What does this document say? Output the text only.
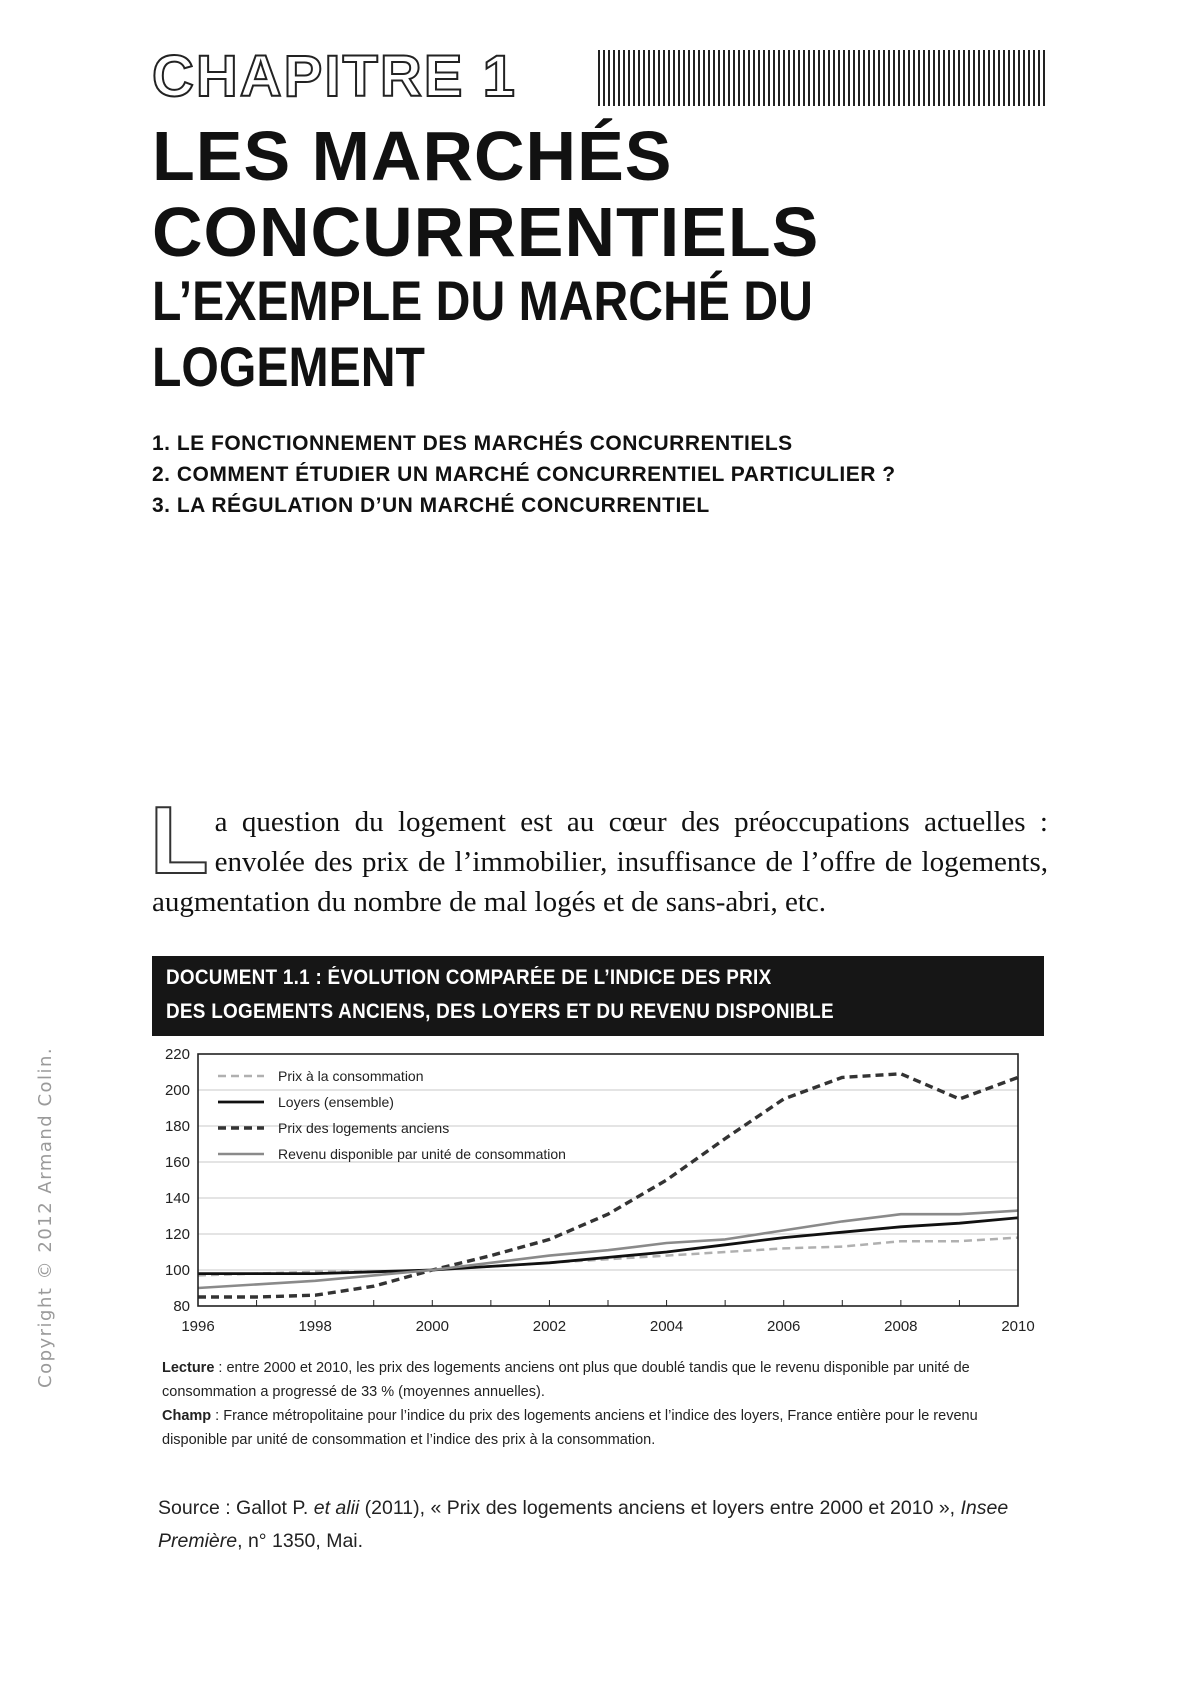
CHAPITRE 1
LES MARCHÉS CONCURRENTIELS
L’EXEMPLE DU MARCHÉ DU LOGEMENT
1. LE FONCTIONNEMENT DES MARCHÉS CONCURRENTIELS
2. COMMENT ÉTUDIER UN MARCHÉ CONCURRENTIEL PARTICULIER ?
3. LA RÉGULATION D’UN MARCHÉ CONCURRENTIEL
Copyright © 2012 Armand Colin.

La question du logement est au cœur des préoccupations actuelles : envolée des prix de l’immobilier, insuffisance de l’offre de logements, augmentation du nombre de mal logés et de sans-abri, etc.

DOCUMENT 1.1 : ÉVOLUTION COMPARÉE DE L’INDICE DES PRIX
DES LOGEMENTS ANCIENS, DES LOYERS ET DU REVENU DISPONIBLE
80
100
120
140
160
180
200
220
1996	1998	2000	2002	2004	2006	2008	2010
Prix à la consommation
Loyers (ensemble)
Prix des logements anciens
Revenu disponible par unité de consommation
Lecture : entre 2000 et 2010, les prix des logements anciens ont plus que doublé tandis que le revenu disponible par unité de consommation a progressé de 33 % (moyennes annuelles).
Champ : France métropolitaine pour l’indice du prix des logements anciens et l’indice des loyers, France entière pour le revenu disponible par unité de consommation et l’indice des prix à la consommation.
Source : Gallot P. et alii (2011), « Prix des logements anciens et loyers entre 2000 et 2010 », Insee Première, n° 1350, Mai.
